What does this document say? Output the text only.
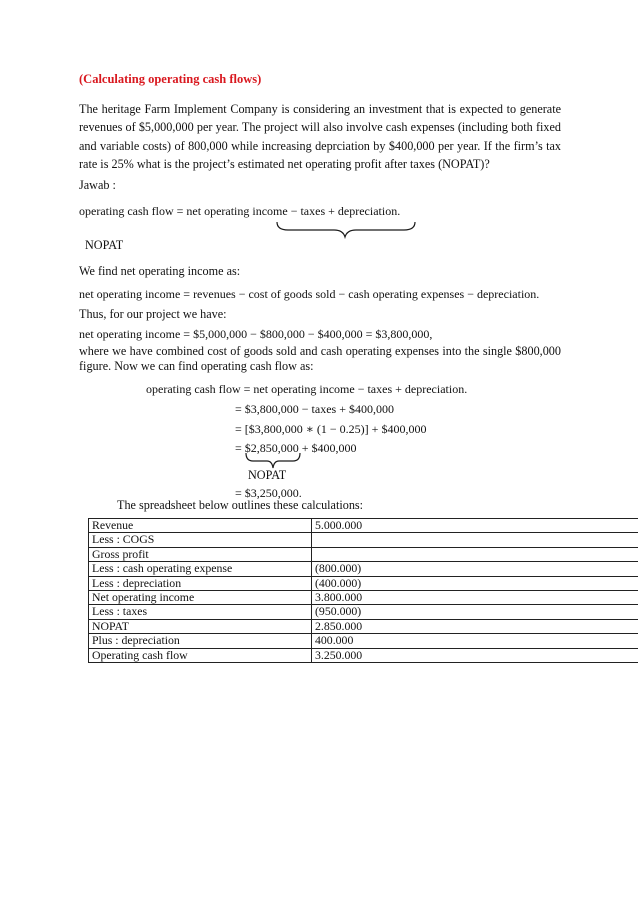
(Calculating operating cash flows)
The heritage Farm Implement Company is considering an investment that is expected to generate revenues of $5,000,000 per year. The project will also involve cash expenses (including both fixed and variable costs) of 800,000 while increasing deprciation by $400,000 per year. If the firm’s tax rate is 25% what is the project’s estimated net operating profit after taxes (NOPAT)?
Jawab :
operating cash flow = net operating income − taxes + depreciation.
NOPAT
We find net operating income as:
net operating income = revenues − cost of goods sold − cash operating expenses − depreciation.
Thus, for our project we have:
net operating income = $5,000,000 − $800,000 − $400,000 = $3,800,000,
where we have combined cost of goods sold and cash operating expenses into the single $800,000 figure. Now we can find operating cash flow as:
operating cash flow = net operating income − taxes + depreciation.
= $3,800,000 − taxes + $400,000
= [$3,800,000 ∗ (1 − 0.25)] + $400,000
= $2,850,000 + $400,000
NOPAT
= $3,250,000.
The spreadsheet below outlines these calculations:
Revenue	5.000.000
Less : COGS	
Gross profit	
Less : cash operating expense	(800.000)
Less : depreciation	(400.000)
Net operating income	3.800.000
Less : taxes	(950.000)
NOPAT	2.850.000
Plus : depreciation	400.000
Operating cash flow	3.250.000
